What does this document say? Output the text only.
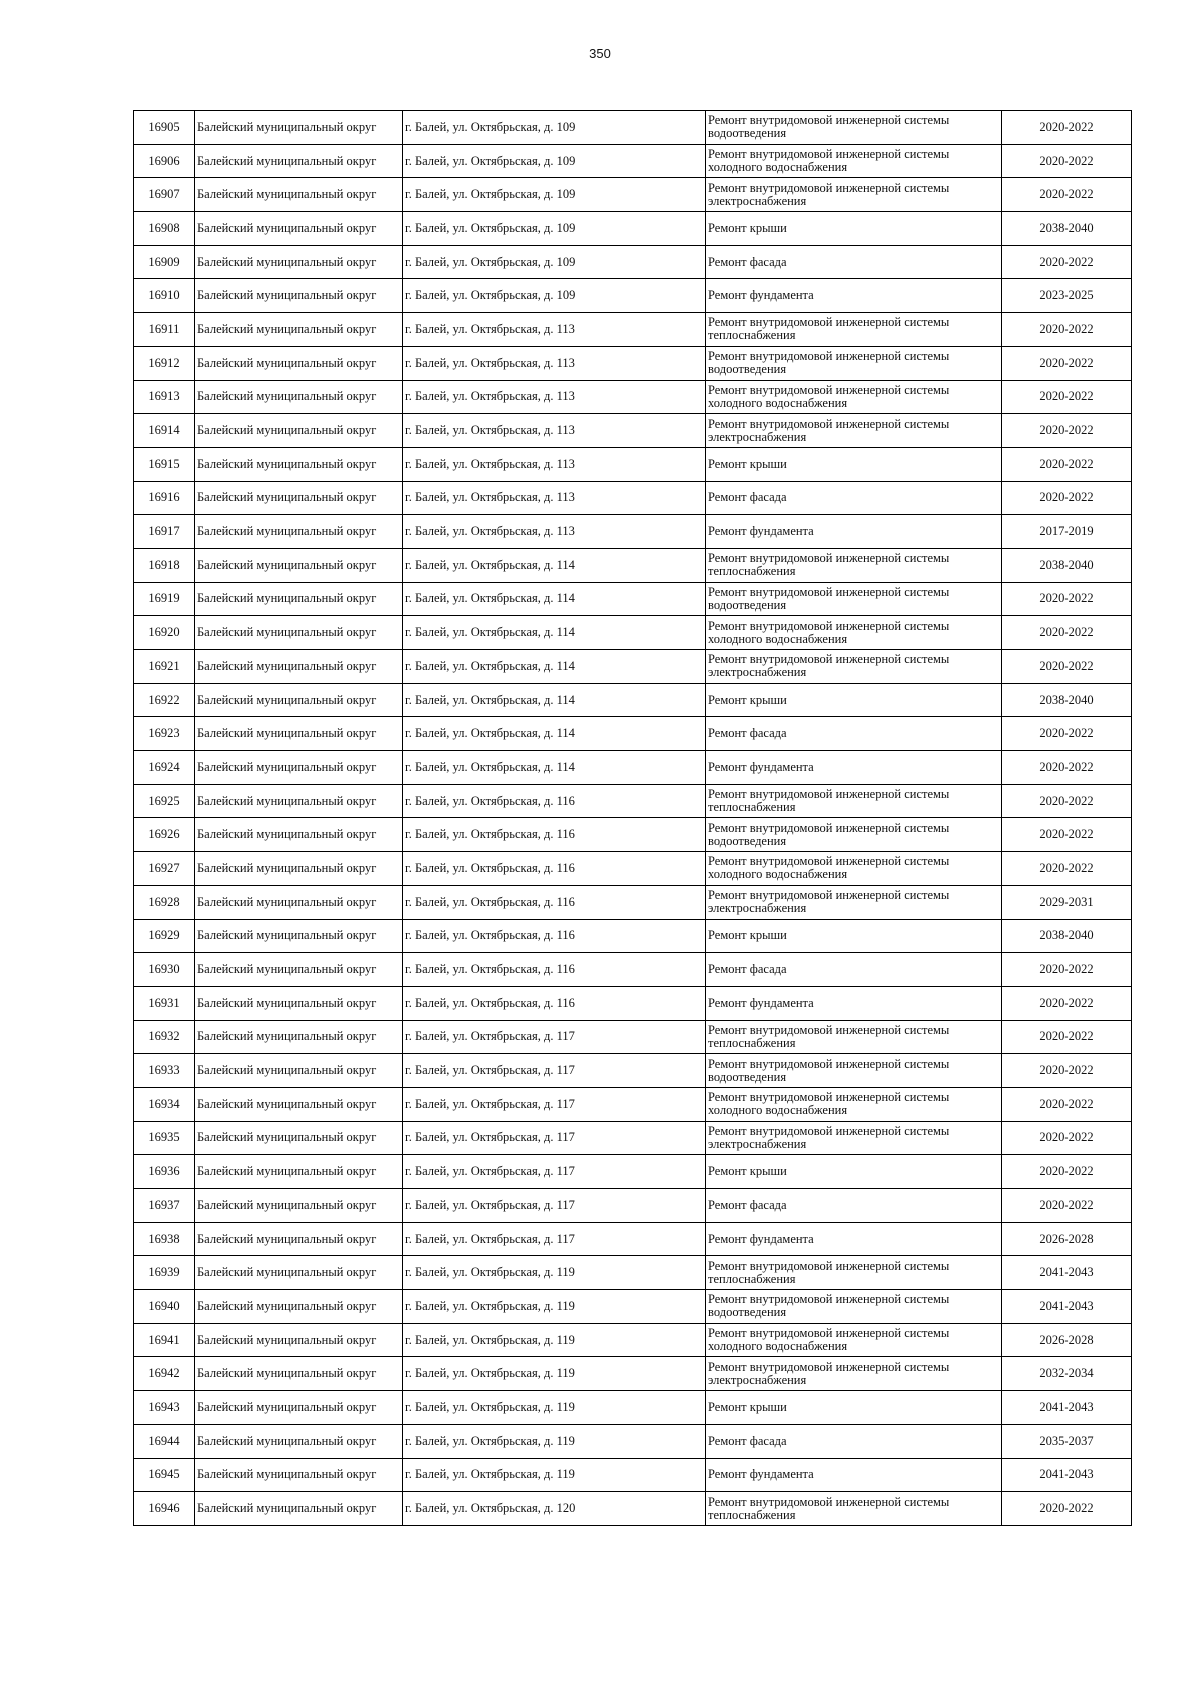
350
16905	Балейский муниципальный округ	г. Балей, ул. Октябрьская, д. 109	Ремонт внутридомовой инженерной системы водоотведения	2020-2022
16906	Балейский муниципальный округ	г. Балей, ул. Октябрьская, д. 109	Ремонт внутридомовой инженерной системы холодного водоснабжения	2020-2022
16907	Балейский муниципальный округ	г. Балей, ул. Октябрьская, д. 109	Ремонт внутридомовой инженерной системы электроснабжения	2020-2022
16908	Балейский муниципальный округ	г. Балей, ул. Октябрьская, д. 109	Ремонт крыши	2038-2040
16909	Балейский муниципальный округ	г. Балей, ул. Октябрьская, д. 109	Ремонт фасада	2020-2022
16910	Балейский муниципальный округ	г. Балей, ул. Октябрьская, д. 109	Ремонт фундамента	2023-2025
16911	Балейский муниципальный округ	г. Балей, ул. Октябрьская, д. 113	Ремонт внутридомовой инженерной системы теплоснабжения	2020-2022
16912	Балейский муниципальный округ	г. Балей, ул. Октябрьская, д. 113	Ремонт внутридомовой инженерной системы водоотведения	2020-2022
16913	Балейский муниципальный округ	г. Балей, ул. Октябрьская, д. 113	Ремонт внутридомовой инженерной системы холодного водоснабжения	2020-2022
16914	Балейский муниципальный округ	г. Балей, ул. Октябрьская, д. 113	Ремонт внутридомовой инженерной системы электроснабжения	2020-2022
16915	Балейский муниципальный округ	г. Балей, ул. Октябрьская, д. 113	Ремонт крыши	2020-2022
16916	Балейский муниципальный округ	г. Балей, ул. Октябрьская, д. 113	Ремонт фасада	2020-2022
16917	Балейский муниципальный округ	г. Балей, ул. Октябрьская, д. 113	Ремонт фундамента	2017-2019
16918	Балейский муниципальный округ	г. Балей, ул. Октябрьская, д. 114	Ремонт внутридомовой инженерной системы теплоснабжения	2038-2040
16919	Балейский муниципальный округ	г. Балей, ул. Октябрьская, д. 114	Ремонт внутридомовой инженерной системы водоотведения	2020-2022
16920	Балейский муниципальный округ	г. Балей, ул. Октябрьская, д. 114	Ремонт внутридомовой инженерной системы холодного водоснабжения	2020-2022
16921	Балейский муниципальный округ	г. Балей, ул. Октябрьская, д. 114	Ремонт внутридомовой инженерной системы электроснабжения	2020-2022
16922	Балейский муниципальный округ	г. Балей, ул. Октябрьская, д. 114	Ремонт крыши	2038-2040
16923	Балейский муниципальный округ	г. Балей, ул. Октябрьская, д. 114	Ремонт фасада	2020-2022
16924	Балейский муниципальный округ	г. Балей, ул. Октябрьская, д. 114	Ремонт фундамента	2020-2022
16925	Балейский муниципальный округ	г. Балей, ул. Октябрьская, д. 116	Ремонт внутридомовой инженерной системы теплоснабжения	2020-2022
16926	Балейский муниципальный округ	г. Балей, ул. Октябрьская, д. 116	Ремонт внутридомовой инженерной системы водоотведения	2020-2022
16927	Балейский муниципальный округ	г. Балей, ул. Октябрьская, д. 116	Ремонт внутридомовой инженерной системы холодного водоснабжения	2020-2022
16928	Балейский муниципальный округ	г. Балей, ул. Октябрьская, д. 116	Ремонт внутридомовой инженерной системы электроснабжения	2029-2031
16929	Балейский муниципальный округ	г. Балей, ул. Октябрьская, д. 116	Ремонт крыши	2038-2040
16930	Балейский муниципальный округ	г. Балей, ул. Октябрьская, д. 116	Ремонт фасада	2020-2022
16931	Балейский муниципальный округ	г. Балей, ул. Октябрьская, д. 116	Ремонт фундамента	2020-2022
16932	Балейский муниципальный округ	г. Балей, ул. Октябрьская, д. 117	Ремонт внутридомовой инженерной системы теплоснабжения	2020-2022
16933	Балейский муниципальный округ	г. Балей, ул. Октябрьская, д. 117	Ремонт внутридомовой инженерной системы водоотведения	2020-2022
16934	Балейский муниципальный округ	г. Балей, ул. Октябрьская, д. 117	Ремонт внутридомовой инженерной системы холодного водоснабжения	2020-2022
16935	Балейский муниципальный округ	г. Балей, ул. Октябрьская, д. 117	Ремонт внутридомовой инженерной системы электроснабжения	2020-2022
16936	Балейский муниципальный округ	г. Балей, ул. Октябрьская, д. 117	Ремонт крыши	2020-2022
16937	Балейский муниципальный округ	г. Балей, ул. Октябрьская, д. 117	Ремонт фасада	2020-2022
16938	Балейский муниципальный округ	г. Балей, ул. Октябрьская, д. 117	Ремонт фундамента	2026-2028
16939	Балейский муниципальный округ	г. Балей, ул. Октябрьская, д. 119	Ремонт внутридомовой инженерной системы теплоснабжения	2041-2043
16940	Балейский муниципальный округ	г. Балей, ул. Октябрьская, д. 119	Ремонт внутридомовой инженерной системы водоотведения	2041-2043
16941	Балейский муниципальный округ	г. Балей, ул. Октябрьская, д. 119	Ремонт внутридомовой инженерной системы холодного водоснабжения	2026-2028
16942	Балейский муниципальный округ	г. Балей, ул. Октябрьская, д. 119	Ремонт внутридомовой инженерной системы электроснабжения	2032-2034
16943	Балейский муниципальный округ	г. Балей, ул. Октябрьская, д. 119	Ремонт крыши	2041-2043
16944	Балейский муниципальный округ	г. Балей, ул. Октябрьская, д. 119	Ремонт фасада	2035-2037
16945	Балейский муниципальный округ	г. Балей, ул. Октябрьская, д. 119	Ремонт фундамента	2041-2043
16946	Балейский муниципальный округ	г. Балей, ул. Октябрьская, д. 120	Ремонт внутридомовой инженерной системы теплоснабжения	2020-2022
